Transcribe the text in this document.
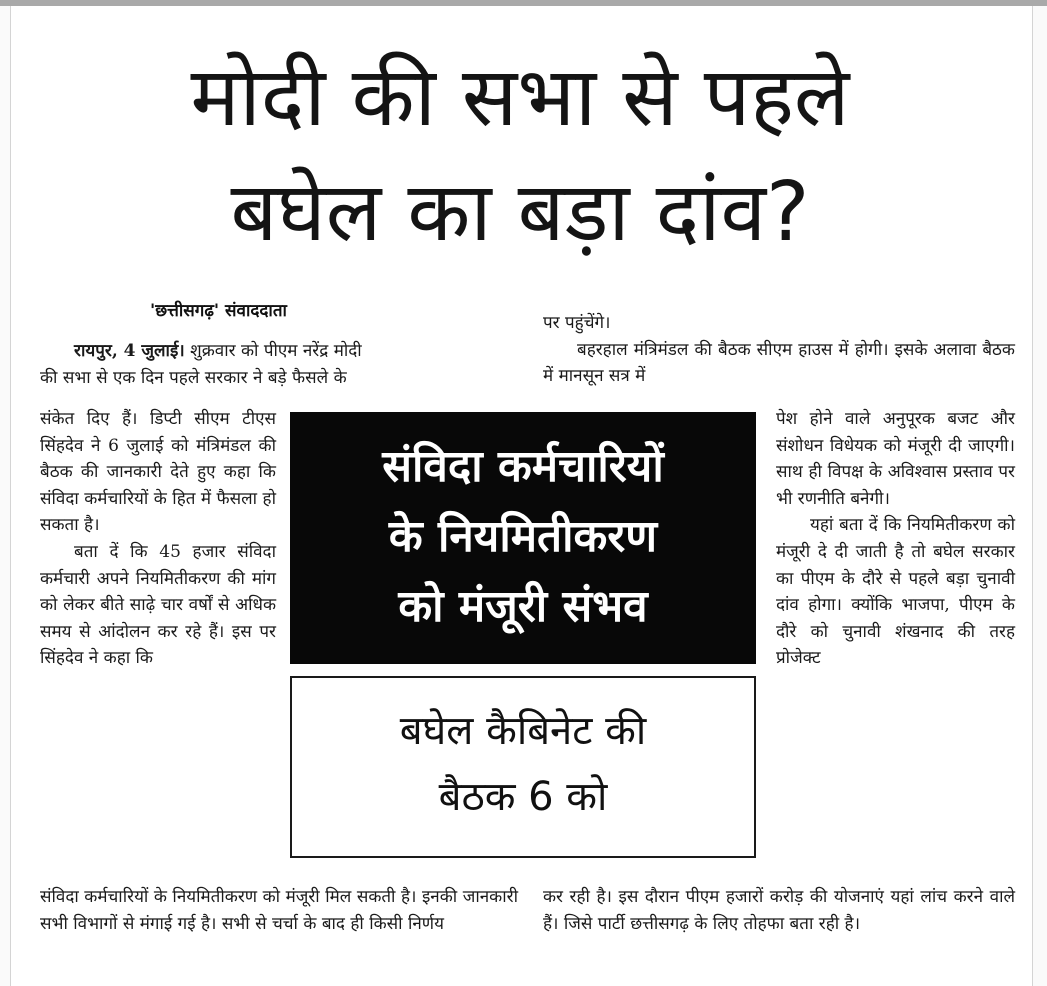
मोदी की सभा से पहले
बघेल का बड़ा दांव?
'छत्तीसगढ़' संवाददाता

रायपुर, 4 जुलाई। शुक्रवार को पीएम नरेंद्र मोदी

की सभा से एक दिन पहले सरकार ने बड़े फैसले के

संकेत दिए हैं। डिप्टी सीएम टीएस सिंहदेव ने 6 जुलाई को मंत्रिमंडल की बैठक की जानकारी देते हुए कहा कि संविदा कर्मचारियों के हित में फैसला हो सकता है।

बता दें कि 45 हजार संविदा कर्मचारी अपने नियमितीकरण की मांग को लेकर बीते साढ़े चार वर्षों से अधिक समय से आंदोलन कर रहे हैं। इस पर सिंहदेव ने कहा कि

संविदा कर्मचारियों के नियमितीकरण को मंजूरी मिल सकती है। इनकी जानकारी सभी विभागों से मंगाई गई है। सभी से चर्चा के बाद ही किसी निर्णय

पर पहुंचेंगे।

बहरहाल मंत्रिमंडल की बैठक सीएम हाउस में होगी। इसके अलावा बैठक में मानसून सत्र में

पेश होने वाले अनुपूरक बजट और संशोधन विधेयक को मंजूरी दी जाएगी। साथ ही विपक्ष के अविश्वास प्रस्ताव पर भी रणनीति बनेगी।

यहां बता दें कि नियमितीकरण को मंजूरी दे दी जाती है तो बघेल सरकार का पीएम के दौरे से पहले बड़ा चुनावी दांव होगा। क्योंकि भाजपा, पीएम के दौरे को चुनावी शंखनाद की तरह प्रोजेक्ट

कर रही है। इस दौरान पीएम हजारों करोड़ की योजनाएं यहां लांच करने वाले हैं। जिसे पार्टी छत्तीसगढ़ के लिए तोहफा बता रही है।

संविदा कर्मचारियों
के नियमितीकरण
को मंजूरी संभव
बघेल कैबिनेट की
बैठक 6 को
